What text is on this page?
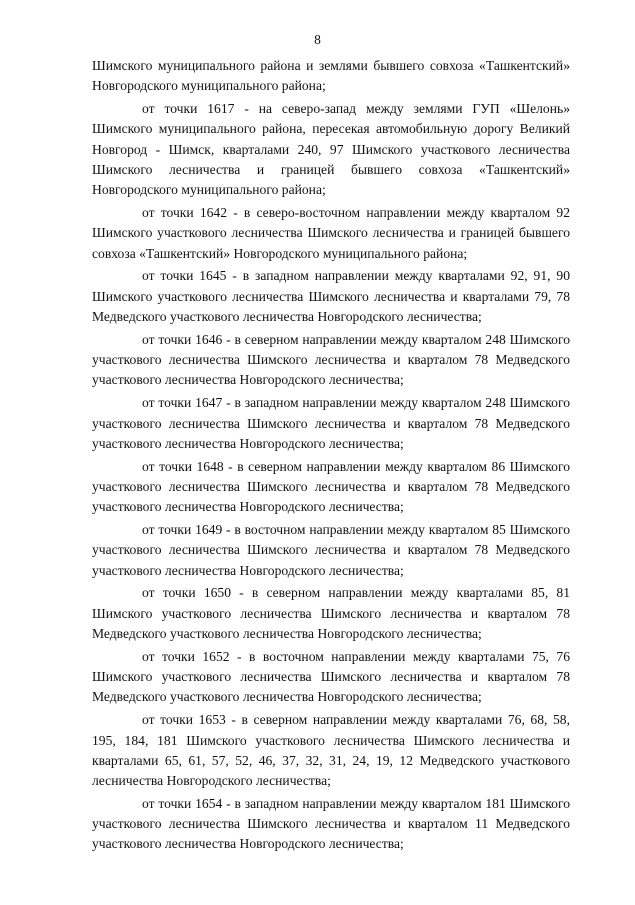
8

Шимского муниципального района и землями бывшего совхоза «Ташкентский» Новгородского муниципального района;

от точки 1617 - на северо-запад между землями ГУП «Шелонь» Шимского муниципального района, пересекая автомобильную дорогу Великий Новгород - Шимск, кварталами 240, 97 Шимского участкового лесничества Шимского лесничества и границей бывшего совхоза «Ташкентский» Новгородского муниципального района;

от точки 1642 - в северо-восточном направлении между кварталом 92 Шимского участкового лесничества Шимского лесничества и границей бывшего совхоза «Ташкентский» Новгородского муниципального района;

от точки 1645 - в западном направлении между кварталами 92, 91, 90 Шимского участкового лесничества Шимского лесничества и кварталами 79, 78 Медведского участкового лесничества Новгородского лесничества;

от точки 1646 - в северном направлении между кварталом 248 Шимского участкового лесничества Шимского лесничества и кварталом 78 Медведского участкового лесничества Новгородского лесничества;

от точки 1647 - в западном направлении между кварталом 248 Шимского участкового лесничества Шимского лесничества и кварталом 78 Медведского участкового лесничества Новгородского лесничества;

от точки 1648 - в северном направлении между кварталом 86 Шимского участкового лесничества Шимского лесничества и кварталом 78 Медведского участкового лесничества Новгородского лесничества;

от точки 1649 - в восточном направлении между кварталом 85 Шимского участкового лесничества Шимского лесничества и кварталом 78 Медведского участкового лесничества Новгородского лесничества;

от точки 1650 - в северном направлении между кварталами 85, 81 Шимского участкового лесничества Шимского лесничества и кварталом 78 Медведского участкового лесничества Новгородского лесничества;

от точки 1652 - в восточном направлении между кварталами 75, 76 Шимского участкового лесничества Шимского лесничества и кварталом 78 Медведского участкового лесничества Новгородского лесничества;

от точки 1653 - в северном направлении между кварталами 76, 68, 58, 195, 184, 181 Шимского участкового лесничества Шимского лесничества и кварталами 65, 61, 57, 52, 46, 37, 32, 31, 24, 19, 12 Медведского участкового лесничества Новгородского лесничества;

от точки 1654 - в западном направлении между кварталом 181 Шимского участкового лесничества Шимского лесничества и кварталом 11 Медведского участкового лесничества Новгородского лесничества;
